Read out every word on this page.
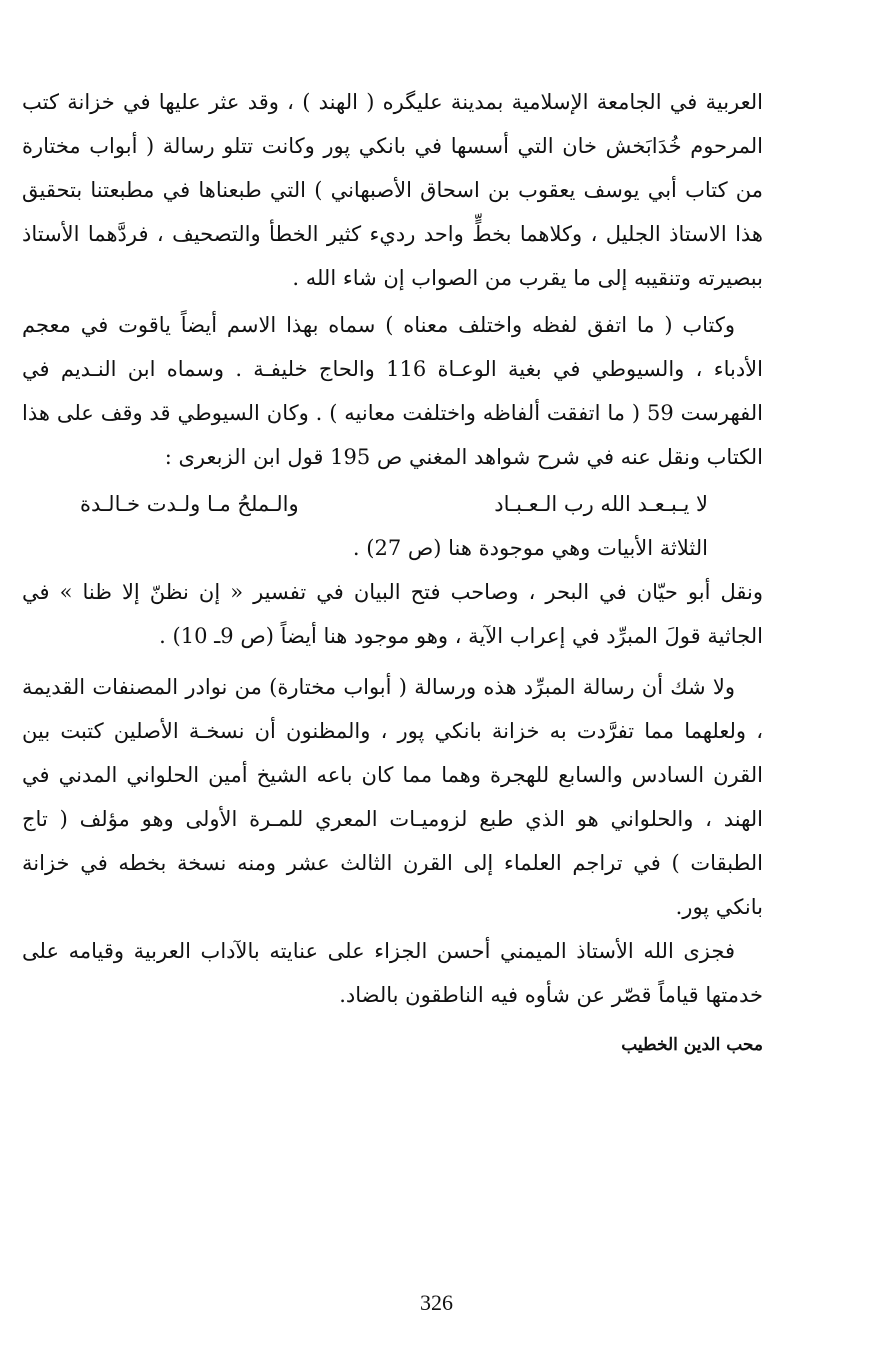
العربية في الجامعة الإسلامية بمدينة عليگره ( الهند ) ، وقد عثر عليها في خزانة كتب المرحوم خُدَابَخش خان التي أسسها في بانكي پور وكانت تتلو رسالة ( أبواب مختارة من كتاب أبي يوسف يعقوب بن اسحاق الأصبهاني ) التي طبعناها في مطبعتنا بتحقيق هذا الاستاذ الجليل ، وكلاهما بخطٍّ واحد رديء كثير الخطأ والتصحيف ، فردَّهما الأستاذ ببصيرته وتنقيبه إلى ما يقرب من الصواب إن شاء الله .
وكتاب ( ما اتفق لفظه واختلف معناه ) سماه بهذا الاسم أيضاً ياقوت في معجم الأدباء ، والسيوطي في بغية الوعـاة 116 والحاج خليفـة . وسماه ابن النـديم في الفهرست 59 ( ما اتفقت ألفاظه واختلفت معانيه ) . وكان السيوطي قد وقف على هذا الكتاب ونقل عنه في شرح شواهد المغني ص 195 قول ابن الزبعرى :
لا يـبـعـد الله رب الـعـبـاد
والـملحُ مـا ولـدت خـالـدة
الثلاثة الأبيات وهي موجودة هنا (ص 27) .
ونقل أبو حيّان في البحر ، وصاحب فتح البيان في تفسير « إن نظنّ إلا ظنا » في الجاثية قولَ المبرِّد في إعراب الآية ، وهو موجود هنا أيضاً (ص 9ـ 10) .
ولا شك أن رسالة المبرِّد هذه ورسالة ( أبواب مختارة) من نوادر المصنفات القديمة ، ولعلهما مما تفرَّدت به خزانة بانكي پور ، والمظنون أن نسخـة الأصلين كتبت بين القرن السادس والسابع للهجرة وهما مما كان باعه الشيخ أمين الحلواني المدني في الهند ، والحلواني هو الذي طبع لزوميـات المعري للمـرة الأولى وهو مؤلف ( تاج الطبقات ) في تراجم العلماء إلى القرن الثالث عشر ومنه نسخة بخطه في خزانة بانكي پور.
فجزى الله الأستاذ الميمني أحسن الجزاء على عنايته بالآداب العربية وقيامه على خدمتها قياماً قصّر عن شأوه فيه الناطقون بالضاد.
محب الدين الخطيب
326
